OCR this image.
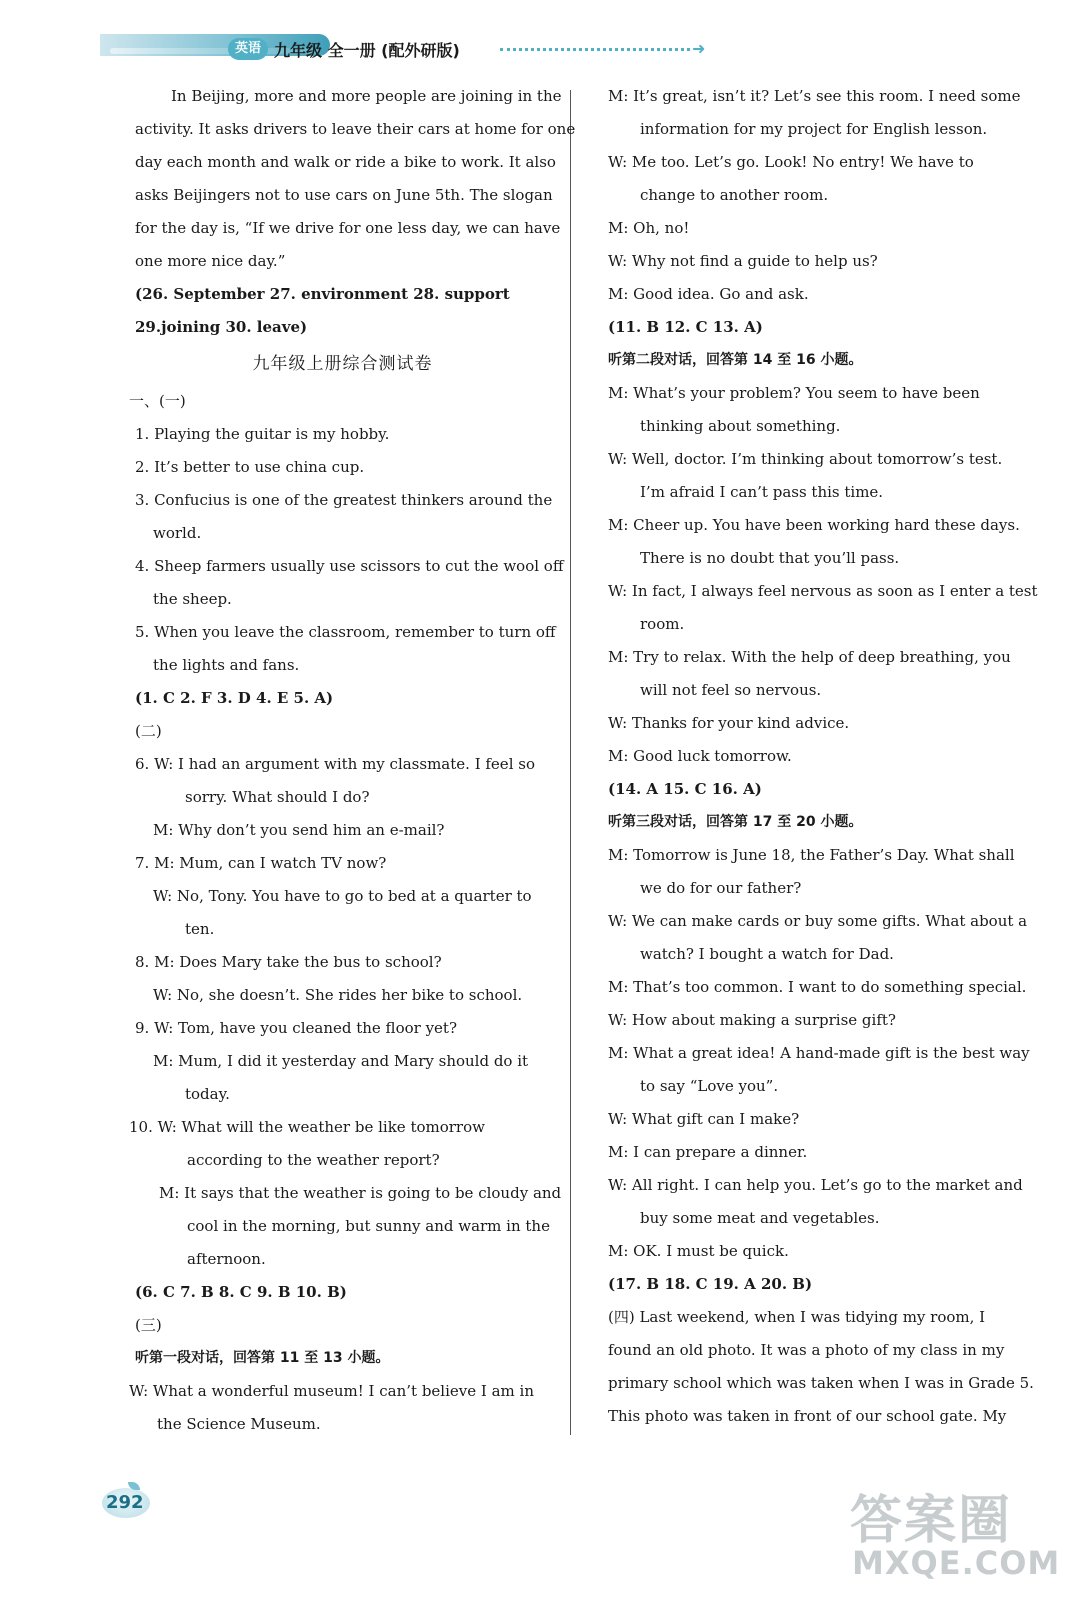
英语 九年级 全一册 (配外研版)	➜
In Beijing, more and more people are joining in the
activity. It asks drivers to leave their cars at home for one
day each month and walk or ride a bike to work. It also
asks Beijingers not to use cars on June 5th. The slogan
for the day is, “If we drive for one less day, we can have
one more nice day.”
(26. September 27. environment 28. support
29.joining 30. leave)
九年级上册综合测试卷
一、(一)
1. Playing the guitar is my hobby.
2. It’s better to use china cup.
3. Confucius is one of the greatest thinkers around the
world.
4. Sheep farmers usually use scissors to cut the wool off
the sheep.
5. When you leave the classroom, remember to turn off
the lights and fans.
(1. C 2. F 3. D 4. E 5. A)
(二)
6. W: I had an argument with my classmate. I feel so
sorry. What should I do?
M: Why don’t you send him an e-mail?
7. M: Mum, can I watch TV now?
W: No, Tony. You have to go to bed at a quarter to
ten.
8. M: Does Mary take the bus to school?
W: No, she doesn’t. She rides her bike to school.
9. W: Tom, have you cleaned the floor yet?
M: Mum, I did it yesterday and Mary should do it
today.
10. W: What will the weather be like tomorrow
according to the weather report?
M: It says that the weather is going to be cloudy and
cool in the morning, but sunny and warm in the
afternoon.
(6. C 7. B 8. C 9. B 10. B)
(三)
听第一段对话，回答第 11 至 13 小题。
W: What a wonderful museum! I can’t believe I am in
the Science Museum.
M: It’s great, isn’t it? Let’s see this room. I need some
information for my project for English lesson.
W: Me too. Let’s go. Look! No entry! We have to
change to another room.
M: Oh, no!
W: Why not find a guide to help us?
M: Good idea. Go and ask.
(11. B 12. C 13. A)
听第二段对话，回答第 14 至 16 小题。
M: What’s your problem? You seem to have been
thinking about something.
W: Well, doctor. I’m thinking about tomorrow’s test.
I’m afraid I can’t pass this time.
M: Cheer up. You have been working hard these days.
There is no doubt that you’ll pass.
W: In fact, I always feel nervous as soon as I enter a test
room.
M: Try to relax. With the help of deep breathing, you
will not feel so nervous.
W: Thanks for your kind advice.
M: Good luck tomorrow.
(14. A 15. C 16. A)
听第三段对话，回答第 17 至 20 小题。
M: Tomorrow is June 18, the Father’s Day. What shall
we do for our father?
W: We can make cards or buy some gifts. What about a
watch? I bought a watch for Dad.
M: That’s too common. I want to do something special.
W: How about making a surprise gift?
M: What a great idea! A hand-made gift is the best way
to say “Love you”.
W: What gift can I make?
M: I can prepare a dinner.
W: All right. I can help you. Let’s go to the market and
buy some meat and vegetables.
M: OK. I must be quick.
(17. B 18. C 19. A 20. B)
(四) Last weekend, when I was tidying my room, I
found an old photo. It was a photo of my class in my
primary school which was taken when I was in Grade 5.
This photo was taken in front of our school gate. My
292	答案圈
MXQE.COM
